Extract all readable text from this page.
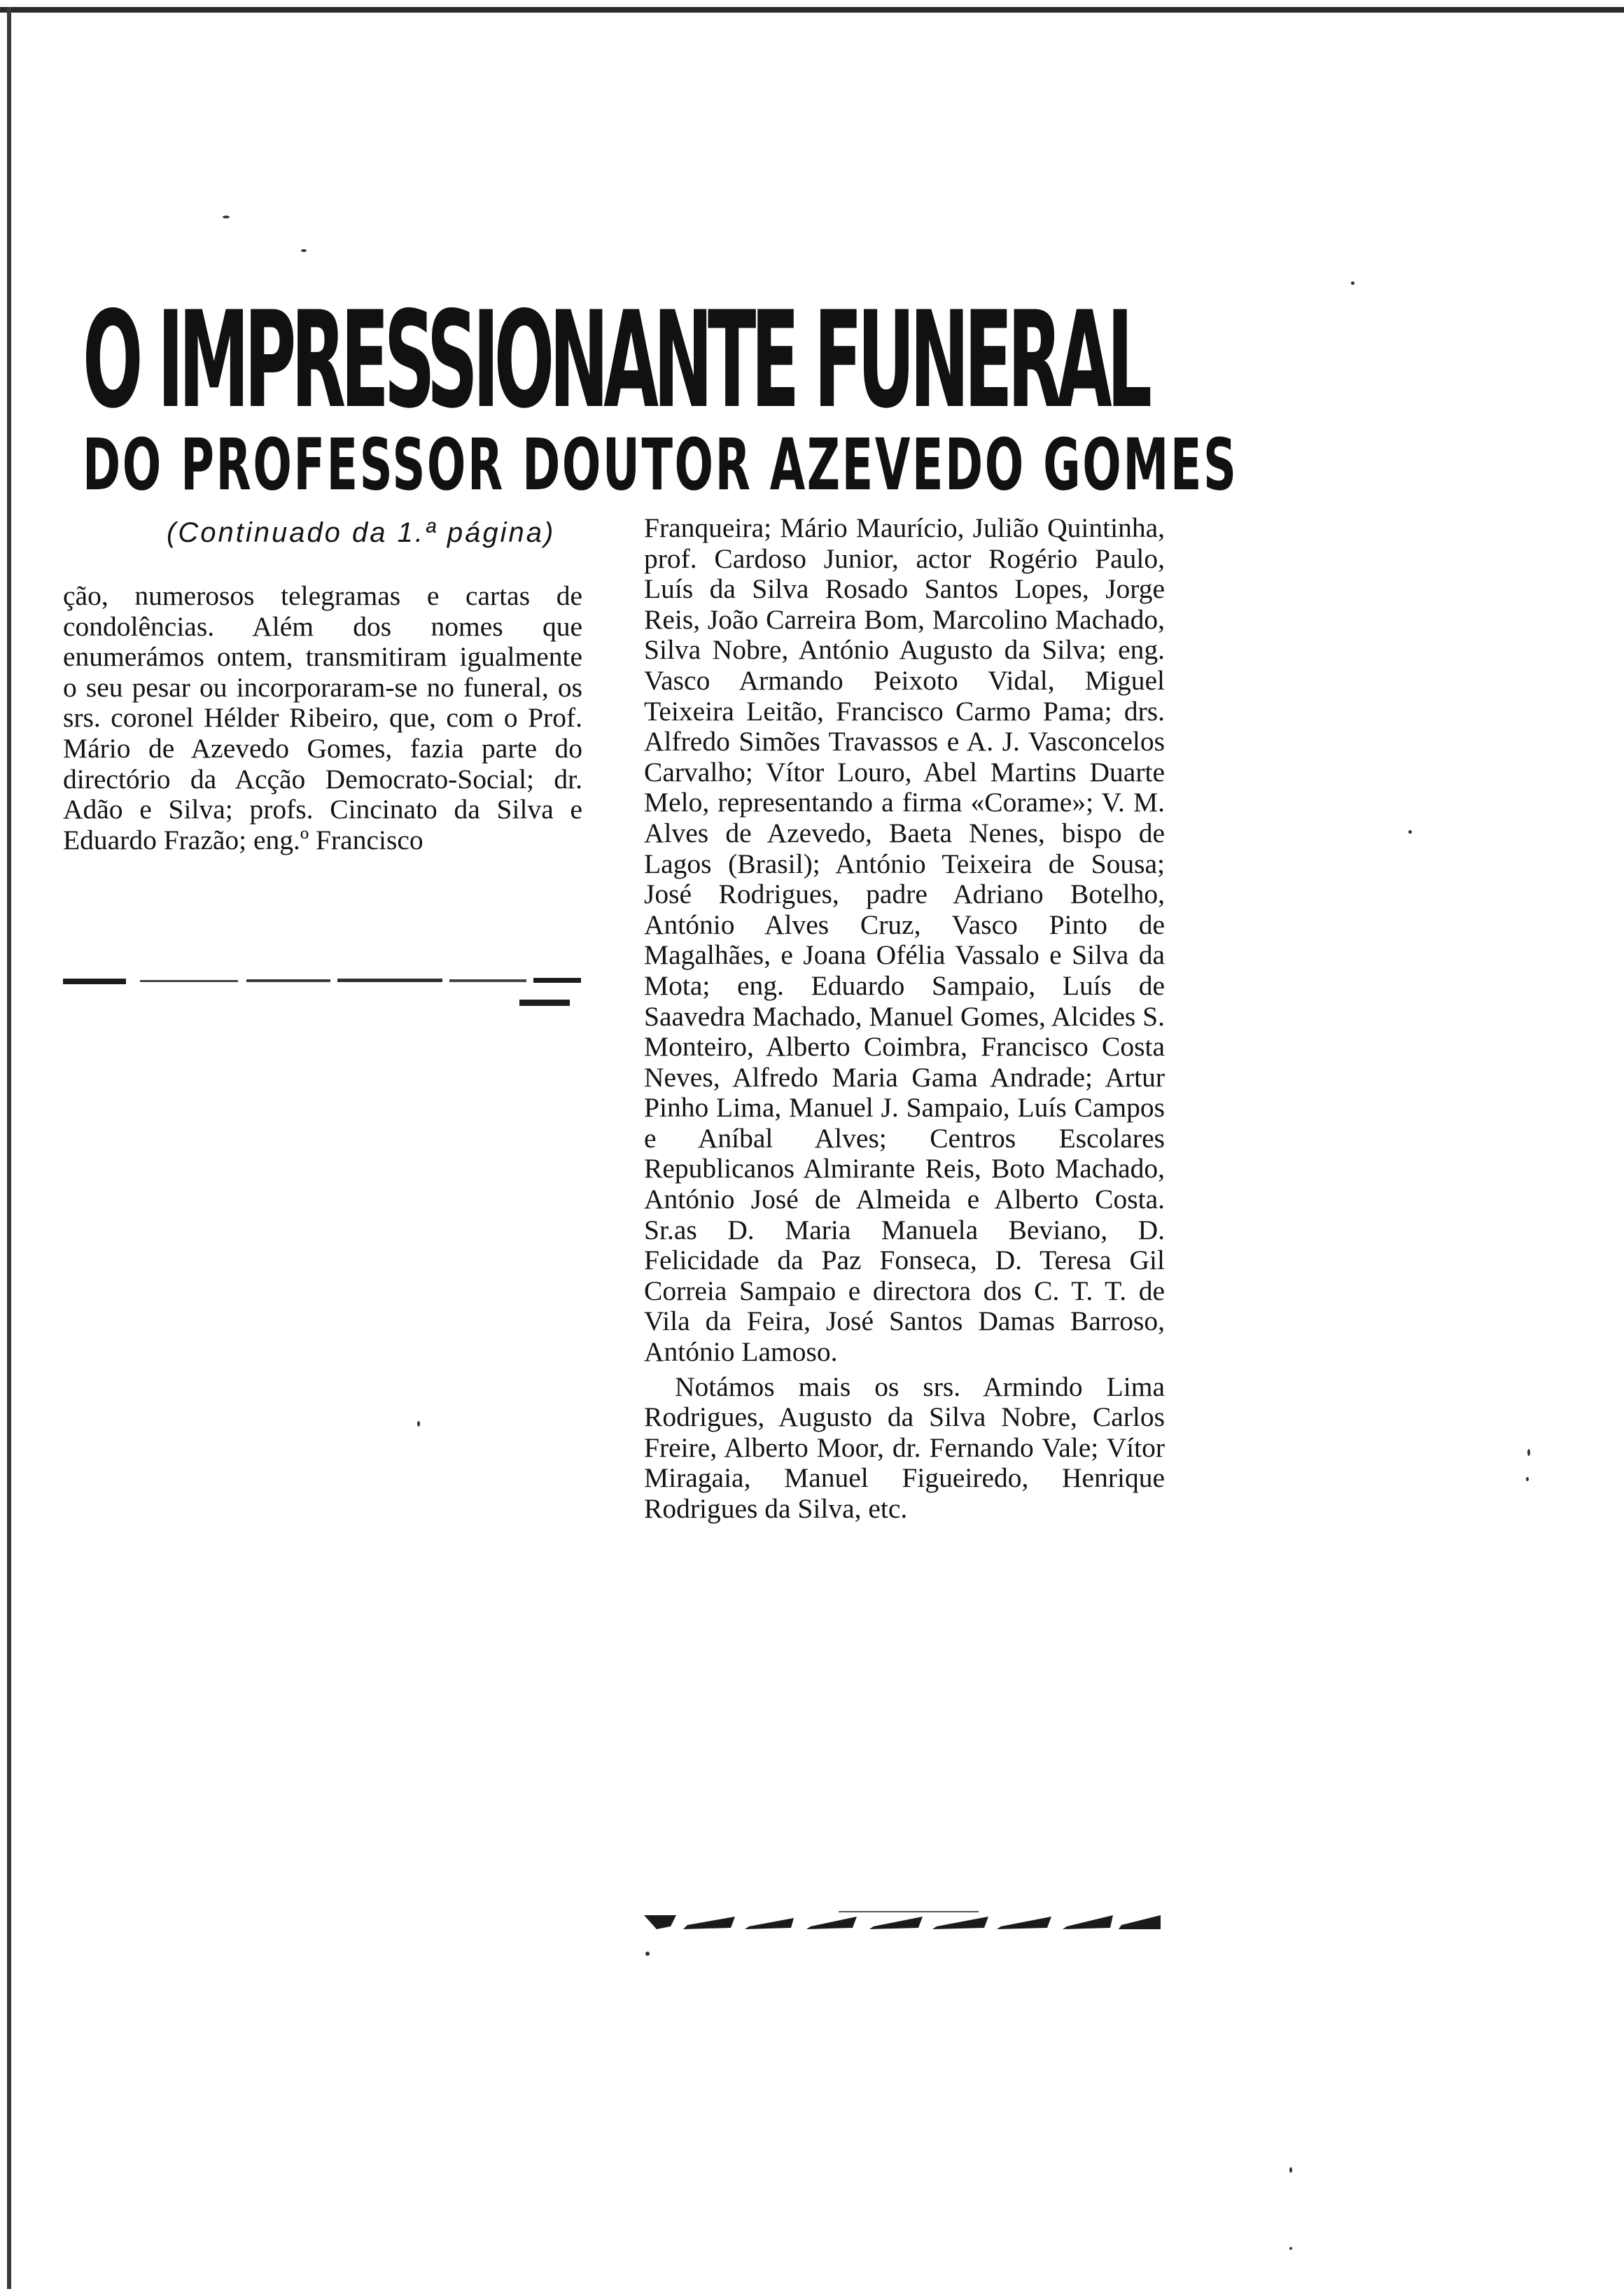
O IMPRESSIONANTE FUNERAL
DO PROFESSOR DOUTOR AZEVEDO GOMES
(Continuado da 1.ª página)

ção, numerosos telegramas e cartas de condolências. Além dos nomes que enumerámos ontem, transmitiram igualmente o seu pesar ou incorporaram-se no funeral, os srs. coronel Hélder Ribeiro, que, com o Prof. Mário de Azevedo Gomes, fazia parte do directório da Acção Democrato-Social; dr. Adão e Silva; profs. Cincinato da Silva e Eduardo Frazão; eng.º Francisco

Franqueira; Mário Maurício, Julião Quintinha, prof. Cardoso Junior, actor Rogério Paulo, Luís da Silva Rosado Santos Lopes, Jorge Reis, João Carreira Bom, Marcolino Machado, Silva Nobre, António Augusto da Silva; eng. Vasco Armando Peixoto Vidal, Miguel Teixeira Leitão, Francisco Carmo Pama; drs. Alfredo Simões Travassos e A. J. Vasconcelos Carvalho; Vítor Louro, Abel Martins Duarte Melo, representando a firma «Corame»; V. M. Alves de Azevedo, Baeta Nenes, bispo de Lagos (Brasil); António Teixeira de Sousa; José Rodrigues, padre Adriano Botelho, António Alves Cruz, Vasco Pinto de Magalhães, e Joana Ofélia Vassalo e Silva da Mota; eng. Eduardo Sampaio, Luís de Saavedra Machado, Manuel Gomes, Alcides S. Monteiro, Alberto Coimbra, Francisco Costa Neves, Alfredo Maria Gama Andrade; Artur Pinho Lima, Manuel J. Sampaio, Luís Campos e Aníbal Alves; Centros Escolares Republicanos Almirante Reis, Boto Machado, António José de Almeida e Alberto Costa. Sr.as D. Maria Manuela Beviano, D. Felicidade da Paz Fonseca, D. Teresa Gil Correia Sampaio e directora dos C. T. T. de Vila da Feira, José Santos Damas Barroso, António Lamoso.

Notámos mais os srs. Armindo Lima Rodrigues, Augusto da Silva Nobre, Carlos Freire, Alberto Moor, dr. Fernando Vale; Vítor Miragaia, Manuel Figueiredo, Henrique Rodrigues da Silva, etc.
